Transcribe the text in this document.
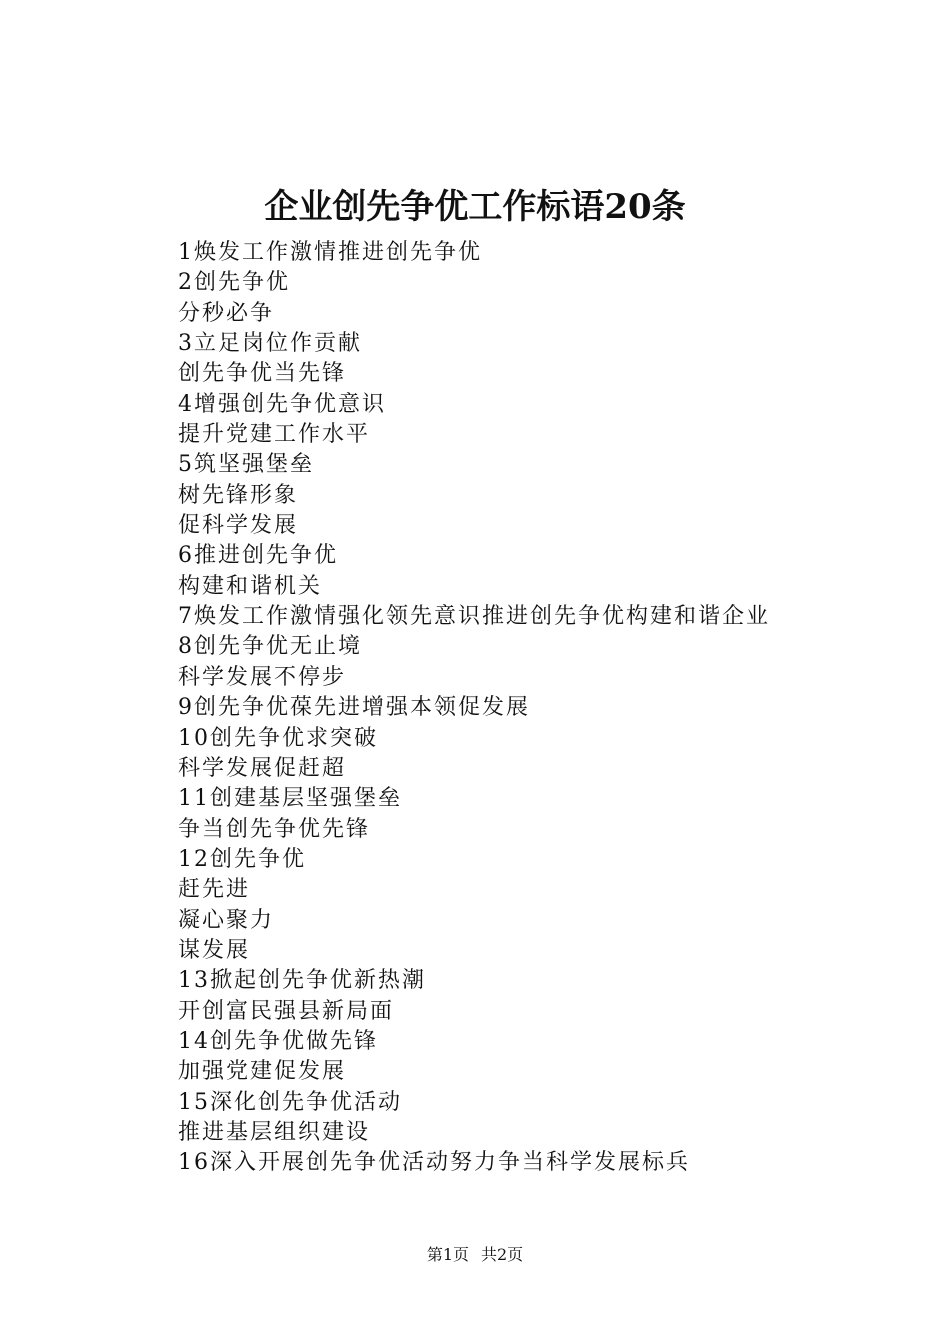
企业创先争优工作标语20条
1焕发工作激情推进创先争优
2创先争优
分秒必争
3立足岗位作贡献
创先争优当先锋
4增强创先争优意识
提升党建工作水平
5筑坚强堡垒
树先锋形象
促科学发展
6推进创先争优
构建和谐机关
7焕发工作激情强化领先意识推进创先争优构建和谐企业
8创先争优无止境
科学发展不停步
9创先争优葆先进增强本领促发展
10创先争优求突破
科学发展促赶超
11创建基层坚强堡垒
争当创先争优先锋
12创先争优
赶先进
凝心聚力
谋发展
13掀起创先争优新热潮
开创富民强县新局面
14创先争优做先锋
加强党建促发展
15深化创先争优活动
推进基层组织建设
16深入开展创先争优活动努力争当科学发展标兵
第1页 共2页
